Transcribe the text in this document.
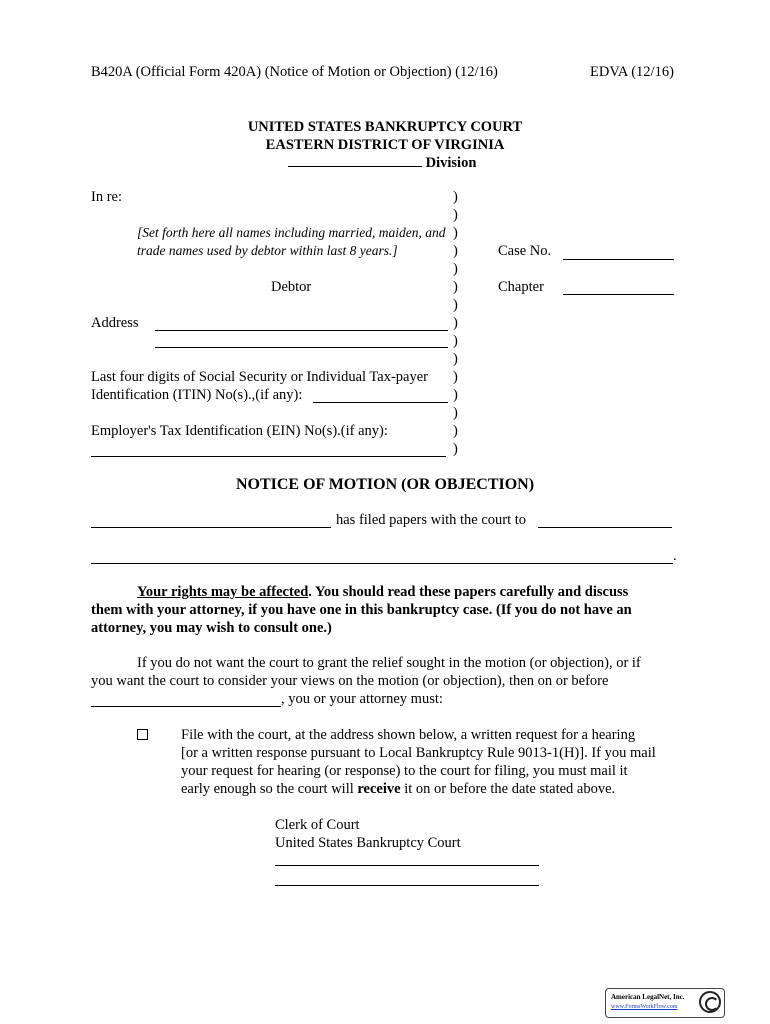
B420A (Official Form 420A) (Notice of Motion or Objection) (12/16)	EDVA (12/16)
UNITED STATES BANKRUPTCY COURT
EASTERN DISTRICT OF VIRGINIA
Division
In re:
[Set forth here all names including married, maiden, and
trade names used by debtor within last 8 years.]
Debtor
Address
Last four digits of Social Security or Individual Tax-payer
Identification (ITIN) No(s).,(if any):
Employer's Tax Identification (EIN) No(s).(if any):
)
)
)
)
)
)
)
)
)
)
)
)
)
)
)
Case No.
Chapter
NOTICE OF MOTION (OR OBJECTION)
has filed papers with the court to
.
Your rights may be affected. You should read these papers carefully and discuss
them with your attorney, if you have one in this bankruptcy case. (If you do not have an
attorney, you may wish to consult one.)
If you do not want the court to grant the relief sought in the motion (or objection), or if
you want the court to consider your views on the motion (or objection), then on or before
, you or your attorney must:
File with the court, at the address shown below, a written request for a hearing
[or a written response pursuant to Local Bankruptcy Rule 9013-1(H)]. If you mail
your request for hearing (or response) to the court for filing, you must mail it
early enough so the court will receive it on or before the date stated above.
Clerk of Court
United States Bankruptcy Court
American LegalNet, Inc.
www.FormsWorkFlow.com
